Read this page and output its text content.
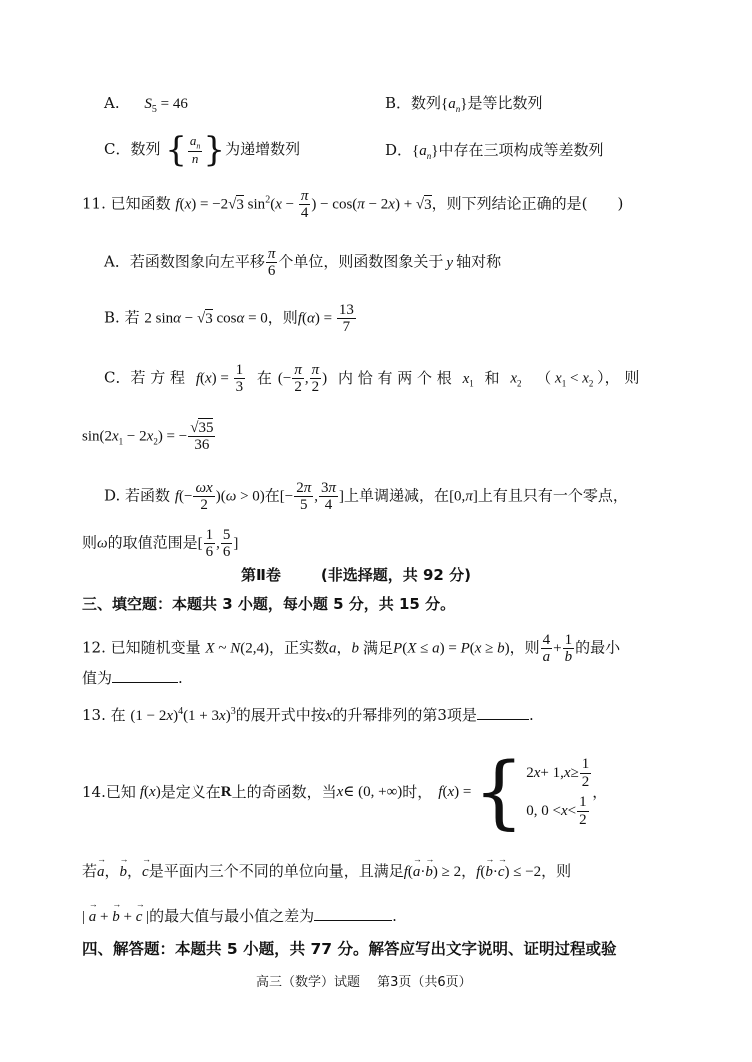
A. $S_5 = 46$	B．数列$\{a_n\}$是等比数列
C．数列 { $\frac{a_n}{n}$ }为递增数列	D．$\{a_n\}$中存在三项构成等差数列
11. 已知函数 f(x) = −2√3 $\sin^2(x - \frac{\pi}{4}$ ) − cos(π − 2x) + √3，则下列结论正确的是(　　)
A．若函数图象向左平移 $\frac{\pi}{6}$ 个单位，则函数图象关于 y 轴对称
B. 若 2 sinα − √3 cosα = 0，则$f(\alpha) = \frac{13}{7}$
C．若 方 程 $f(x) = \frac{1}{3}$ 在 (− $\frac{\pi}{2}$ , $\frac{\pi}{2}$ ) 内 恰 有 两 个 根 $x_1$ 和 $x_2$ （ $x_1 < x_2$ ）， 则
$\sin(2x_1 - 2x_2)$ = − $\frac{√35}{36}$
D. 若函数 $f(- \frac{\omega x}{2} )(\omega > 0)$在[− $\frac{2\pi}{5}$ , $\frac{3\pi}{4}$ ]上单调递减，在[0,π]上有且只有一个零点，
则ω的取值范围是[ $\frac{1}{6}$ , $\frac{5}{6}$ ]
第Ⅱ卷	(非选择题，共 92 分)
三、填空题：本题共 3 小题，每小题 5 分，共 15 分。
12. 已知随机变量 X ~ N(2,4)，正实数a，b 满足P(X ≤ a) = P(x ≥ b)，则 $\frac{4}{a} + \frac{1}{b}$ 的最小
值为	.
13. 在 $(1 - 2x)^4(1 + 3x)^3$的展开式中按x的升幂排列的第3项是	.
14. 已知 f ( x ) 是定义在 R 上的奇函数，当 x ∈ (0, +∞) 时， f ( x ) = { 2 x + 1, $x \ge \frac{1}{2}$
0, $0 < x < \frac{1}{2}$
，
若→ a，→ b，→ c是平面内三个不同的单位向量，且满足f(→ a·→ b) ≥ 2，f(→ b·→ c) ≤ −2，则
| → a + → b + → c |的最大值与最小值之差为	.
四、解答题：本题共 5 小题，共 77 分。解答应写出文字说明、证明过程或验
高三（数学）试题　 第3页（共6页）
